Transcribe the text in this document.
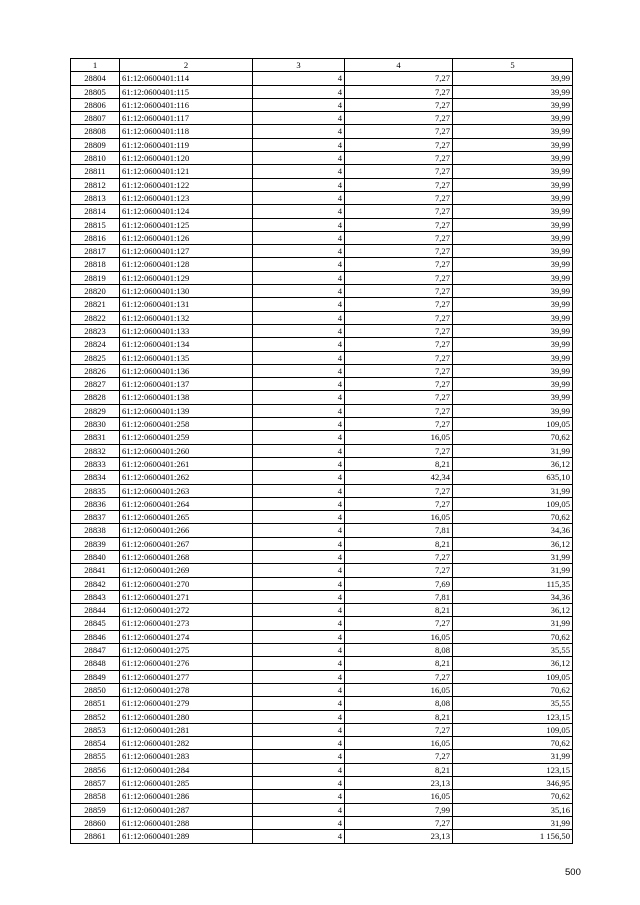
1	2	3	4	5
28804	61:12:0600401:114	4	7,27	39,99
28805	61:12:0600401:115	4	7,27	39,99
28806	61:12:0600401:116	4	7,27	39,99
28807	61:12:0600401:117	4	7,27	39,99
28808	61:12:0600401:118	4	7,27	39,99
28809	61:12:0600401:119	4	7,27	39,99
28810	61:12:0600401:120	4	7,27	39,99
28811	61:12:0600401:121	4	7,27	39,99
28812	61:12:0600401:122	4	7,27	39,99
28813	61:12:0600401:123	4	7,27	39,99
28814	61:12:0600401:124	4	7,27	39,99
28815	61:12:0600401:125	4	7,27	39,99
28816	61:12:0600401:126	4	7,27	39,99
28817	61:12:0600401:127	4	7,27	39,99
28818	61:12:0600401:128	4	7,27	39,99
28819	61:12:0600401:129	4	7,27	39,99
28820	61:12:0600401:130	4	7,27	39,99
28821	61:12:0600401:131	4	7,27	39,99
28822	61:12:0600401:132	4	7,27	39,99
28823	61:12:0600401:133	4	7,27	39,99
28824	61:12:0600401:134	4	7,27	39,99
28825	61:12:0600401:135	4	7,27	39,99
28826	61:12:0600401:136	4	7,27	39,99
28827	61:12:0600401:137	4	7,27	39,99
28828	61:12:0600401:138	4	7,27	39,99
28829	61:12:0600401:139	4	7,27	39,99
28830	61:12:0600401:258	4	7,27	109,05
28831	61:12:0600401:259	4	16,05	70,62
28832	61:12:0600401:260	4	7,27	31,99
28833	61:12:0600401:261	4	8,21	36,12
28834	61:12:0600401:262	4	42,34	635,10
28835	61:12:0600401:263	4	7,27	31,99
28836	61:12:0600401:264	4	7,27	109,05
28837	61:12:0600401:265	4	16,05	70,62
28838	61:12:0600401:266	4	7,81	34,36
28839	61:12:0600401:267	4	8,21	36,12
28840	61:12:0600401:268	4	7,27	31,99
28841	61:12:0600401:269	4	7,27	31,99
28842	61:12:0600401:270	4	7,69	115,35
28843	61:12:0600401:271	4	7,81	34,36
28844	61:12:0600401:272	4	8,21	36,12
28845	61:12:0600401:273	4	7,27	31,99
28846	61:12:0600401:274	4	16,05	70,62
28847	61:12:0600401:275	4	8,08	35,55
28848	61:12:0600401:276	4	8,21	36,12
28849	61:12:0600401:277	4	7,27	109,05
28850	61:12:0600401:278	4	16,05	70,62
28851	61:12:0600401:279	4	8,08	35,55
28852	61:12:0600401:280	4	8,21	123,15
28853	61:12:0600401:281	4	7,27	109,05
28854	61:12:0600401:282	4	16,05	70,62
28855	61:12:0600401:283	4	7,27	31,99
28856	61:12:0600401:284	4	8,21	123,15
28857	61:12:0600401:285	4	23,13	346,95
28858	61:12:0600401:286	4	16,05	70,62
28859	61:12:0600401:287	4	7,99	35,16
28860	61:12:0600401:288	4	7,27	31,99
28861	61:12:0600401:289	4	23,13	1 156,50
500
